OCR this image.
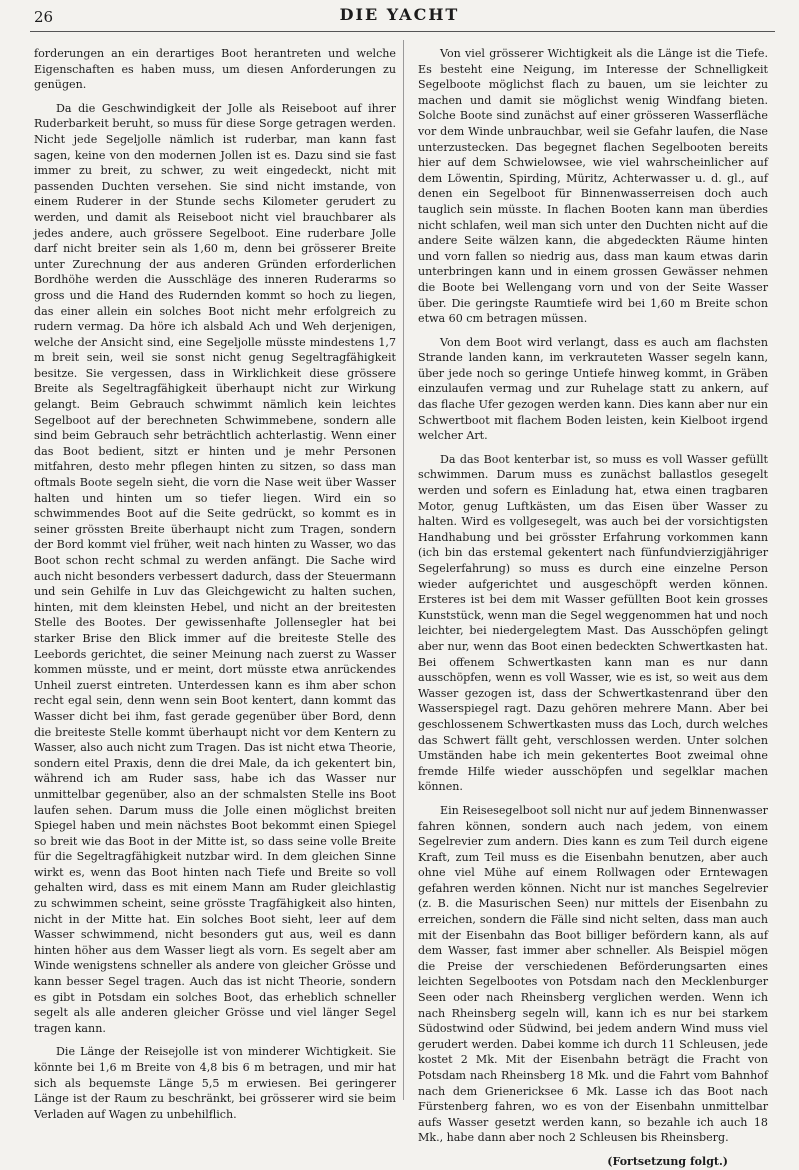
26	DIE YACHT

forderungen an ein derartiges Boot herantreten und welche Eigenschaften es haben muss, um diesen Anforderungen zu genügen.

Da die Geschwindigkeit der Jolle als Reiseboot auf ihrer Ruderbarkeit beruht, so muss für diese Sorge getragen werden. Nicht jede Segeljolle nämlich ist ruderbar, man kann fast sagen, keine von den modernen Jollen ist es. Dazu sind sie fast immer zu breit, zu schwer, zu weit eingedeckt, nicht mit passenden Duchten versehen. Sie sind nicht imstande, von einem Ruderer in der Stunde sechs Kilometer gerudert zu werden, und damit als Reiseboot nicht viel brauchbarer als jedes andere, auch grössere Segelboot. Eine ruderbare Jolle darf nicht breiter sein als 1,60 m, denn bei grösserer Breite unter Zurechnung der aus anderen Gründen erforderlichen Bordhöhe werden die Ausschläge des inneren Ruderarms so gross und die Hand des Rudernden kommt so hoch zu liegen, das einer allein ein solches Boot nicht mehr erfolgreich zu rudern vermag. Da höre ich alsbald Ach und Weh derjenigen, welche der Ansicht sind, eine Segeljolle müsste mindestens 1,7 m breit sein, weil sie sonst nicht genug Segeltragfähigkeit besitze. Sie vergessen, dass in Wirklichkeit diese grössere Breite als Segeltragfähigkeit überhaupt nicht zur Wirkung gelangt. Beim Gebrauch schwimmt nämlich kein leichtes Segelboot auf der berechneten Schwimmebene, sondern alle sind beim Gebrauch sehr beträchtlich achterlastig. Wenn einer das Boot bedient, sitzt er hinten und je mehr Personen mitfahren, desto mehr pflegen hinten zu sitzen, so dass man oftmals Boote segeln sieht, die vorn die Nase weit über Wasser halten und hinten um so tiefer liegen. Wird ein so schwimmendes Boot auf die Seite gedrückt, so kommt es in seiner grössten Breite überhaupt nicht zum Tragen, sondern der Bord kommt viel früher, weit nach hinten zu Wasser, wo das Boot schon recht schmal zu werden anfängt. Die Sache wird auch nicht besonders verbessert dadurch, dass der Steuermann und sein Gehilfe in Luv das Gleichgewicht zu halten suchen, hinten, mit dem kleinsten Hebel, und nicht an der breitesten Stelle des Bootes. Der gewissenhafte Jollensegler hat bei starker Brise den Blick immer auf die breiteste Stelle des Leebords gerichtet, die seiner Meinung nach zuerst zu Wasser kommen müsste, und er meint, dort müsste etwa anrückendes Unheil zuerst eintreten. Unterdessen kann es ihm aber schon recht egal sein, denn wenn sein Boot kentert, dann kommt das Wasser dicht bei ihm, fast gerade gegenüber über Bord, denn die breiteste Stelle kommt überhaupt nicht vor dem Kentern zu Wasser, also auch nicht zum Tragen. Das ist nicht etwa Theorie, sondern eitel Praxis, denn die drei Male, da ich gekentert bin, während ich am Ruder sass, habe ich das Wasser nur unmittelbar gegenüber, also an der schmalsten Stelle ins Boot laufen sehen. Darum muss die Jolle einen möglichst breiten Spiegel haben und mein nächstes Boot bekommt einen Spiegel so breit wie das Boot in der Mitte ist, so dass seine volle Breite für die Segeltragfähigkeit nutzbar wird. In dem gleichen Sinne wirkt es, wenn das Boot hinten nach Tiefe und Breite so voll gehalten wird, dass es mit einem Mann am Ruder gleichlastig zu schwimmen scheint, seine grösste Tragfähigkeit also hinten, nicht in der Mitte hat. Ein solches Boot sieht, leer auf dem Wasser schwimmend, nicht besonders gut aus, weil es dann hinten höher aus dem Wasser liegt als vorn. Es segelt aber am Winde wenigstens schneller als andere von gleicher Grösse und kann besser Segel tragen. Auch das ist nicht Theorie, sondern es gibt in Potsdam ein solches Boot, das erheblich schneller segelt als alle anderen gleicher Grösse und viel länger Segel tragen kann.

Die Länge der Reisejolle ist von minderer Wichtigkeit. Sie könnte bei 1,6 m Breite von 4,8 bis 6 m betragen, und mir hat sich als bequemste Länge 5,5 m erwiesen. Bei geringerer Länge ist der Raum zu beschränkt, bei grösserer wird sie beim Verladen auf Wagen zu unbehilflich.

Von viel grösserer Wichtigkeit als die Länge ist die Tiefe. Es besteht eine Neigung, im Interesse der Schnelligkeit Segelboote möglichst flach zu bauen, um sie leichter zu machen und damit sie möglichst wenig Windfang bieten. Solche Boote sind zunächst auf einer grösseren Wasserfläche vor dem Winde unbrauchbar, weil sie Gefahr laufen, die Nase unterzustecken. Das begegnet flachen Segelbooten bereits hier auf dem Schwielowsee, wie viel wahrscheinlicher auf dem Löwentin, Spirding, Müritz, Achterwasser u. d. gl., auf denen ein Segelboot für Binnenwasserreisen doch auch tauglich sein müsste. In flachen Booten kann man überdies nicht schlafen, weil man sich unter den Duchten nicht auf die andere Seite wälzen kann, die abgedeckten Räume hinten und vorn fallen so niedrig aus, dass man kaum etwas darin unterbringen kann und in einem grossen Gewässer nehmen die Boote bei Wellengang vorn und von der Seite Wasser über. Die geringste Raumtiefe wird bei 1,60 m Breite schon etwa 60 cm betragen müssen.

Von dem Boot wird verlangt, dass es auch am flachsten Strande landen kann, im verkrauteten Wasser segeln kann, über jede noch so geringe Untiefe hinweg kommt, in Gräben einzulaufen vermag und zur Ruhelage statt zu ankern, auf das flache Ufer gezogen werden kann. Dies kann aber nur ein Schwertboot mit flachem Boden leisten, kein Kielboot irgend welcher Art.

Da das Boot kenterbar ist, so muss es voll Wasser gefüllt schwimmen. Darum muss es zunächst ballastlos gesegelt werden und sofern es Einladung hat, etwa einen tragbaren Motor, genug Luftkästen, um das Eisen über Wasser zu halten. Wird es vollgesegelt, was auch bei der vorsichtigsten Handhabung und bei grösster Erfahrung vorkommen kann (ich bin das erstemal gekentert nach fünfundvierzigjähriger Segelerfahrung) so muss es durch eine einzelne Person wieder aufgerichtet und ausgeschöpft werden können. Ersteres ist bei dem mit Wasser gefüllten Boot kein grosses Kunststück, wenn man die Segel weggenommen hat und noch leichter, bei niedergelegtem Mast. Das Ausschöpfen gelingt aber nur, wenn das Boot einen bedeckten Schwertkasten hat. Bei offenem Schwertkasten kann man es nur dann ausschöpfen, wenn es voll Wasser, wie es ist, so weit aus dem Wasser gezogen ist, dass der Schwertkastenrand über den Wasserspiegel ragt. Dazu gehören mehrere Mann. Aber bei geschlossenem Schwertkasten muss das Loch, durch welches das Schwert fällt geht, verschlossen werden. Unter solchen Umständen habe ich mein gekentertes Boot zweimal ohne fremde Hilfe wieder ausschöpfen und segelklar machen können.

Ein Reisesegelboot soll nicht nur auf jedem Binnenwasser fahren können, sondern auch nach jedem, von einem Segelrevier zum andern. Dies kann es zum Teil durch eigene Kraft, zum Teil muss es die Eisenbahn benutzen, aber auch ohne viel Mühe auf einem Rollwagen oder Erntewagen gefahren werden können. Nicht nur ist manches Segelrevier (z. B. die Masurischen Seen) nur mittels der Eisenbahn zu erreichen, sondern die Fälle sind nicht selten, dass man auch mit der Eisenbahn das Boot billiger befördern kann, als auf dem Wasser, fast immer aber schneller. Als Beispiel mögen die Preise der verschiedenen Beförderungsarten eines leichten Segelbootes von Potsdam nach den Mecklenburger Seen oder nach Rheinsberg verglichen werden. Wenn ich nach Rheinsberg segeln will, kann ich es nur bei starkem Südostwind oder Südwind, bei jedem andern Wind muss viel gerudert werden. Dabei komme ich durch 11 Schleusen, jede kostet 2 Mk. Mit der Eisenbahn beträgt die Fracht von Potsdam nach Rheinsberg 18 Mk. und die Fahrt vom Bahnhof nach dem Grienericksee 6 Mk. Lasse ich das Boot nach Fürstenberg fahren, wo es von der Eisenbahn unmittelbar aufs Wasser gesetzt werden kann, so bezahle ich auch 18 Mk., habe dann aber noch 2 Schleusen bis Rheinsberg.

(Fortsetzung folgt.)
